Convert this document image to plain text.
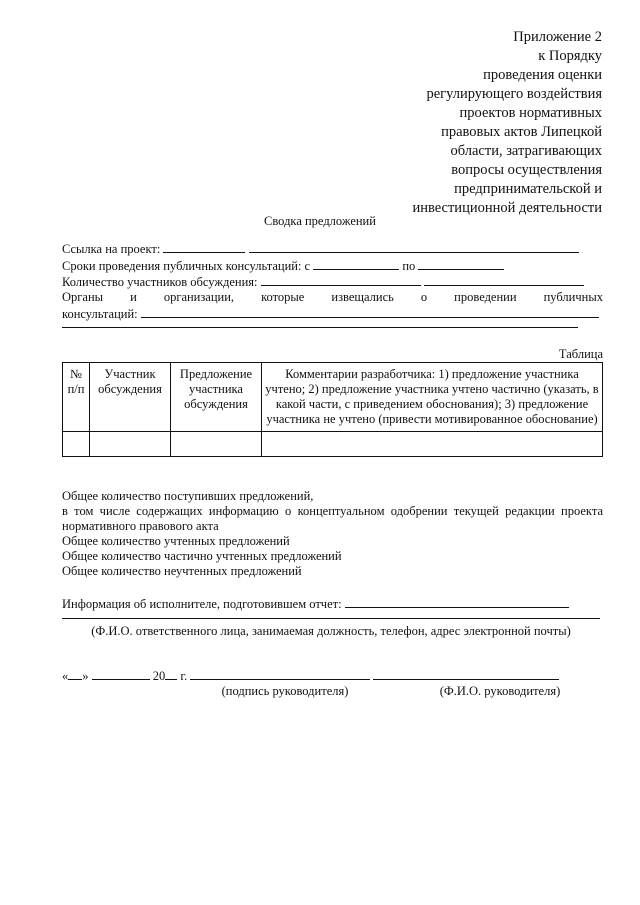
Приложение 2
к Порядку
проведения оценки
регулирующего воздействия
проектов нормативных
правовых актов Липецкой
области, затрагивающих
вопросы осуществления
предпринимательской и
инвестиционной деятельности
Сводка предложений
Ссылка на проект:
Сроки проведения публичных консультаций: с	по
Количество участников обсуждения:
Органы и организации, которые извещались о проведении публичных
консультаций:
Таблица
№ п/п	Участник обсуждения	Предложение участника обсуждения	Комментарии разработчика: 1) предложение участника учтено; 2) предложение участника учтено частично (указать, в какой части, с приведением обоснования); 3) предложение участника не учтено (привести мотивированное обоснование)

Общее количество поступивших предложений,

в том числе содержащих информацию о концептуальном одобрении текущей редакции проекта нормативного правового акта

Общее количество учтенных предложений

Общее количество частично учтенных предложений

Общее количество неучтенных предложений

Информация об исполнителе, подготовившем отчет:
(Ф.И.О. ответственного лица, занимаемая должность, телефон, адрес электронной почты)
« »	20 г.
(подпись руководителя)	(Ф.И.О. руководителя)
